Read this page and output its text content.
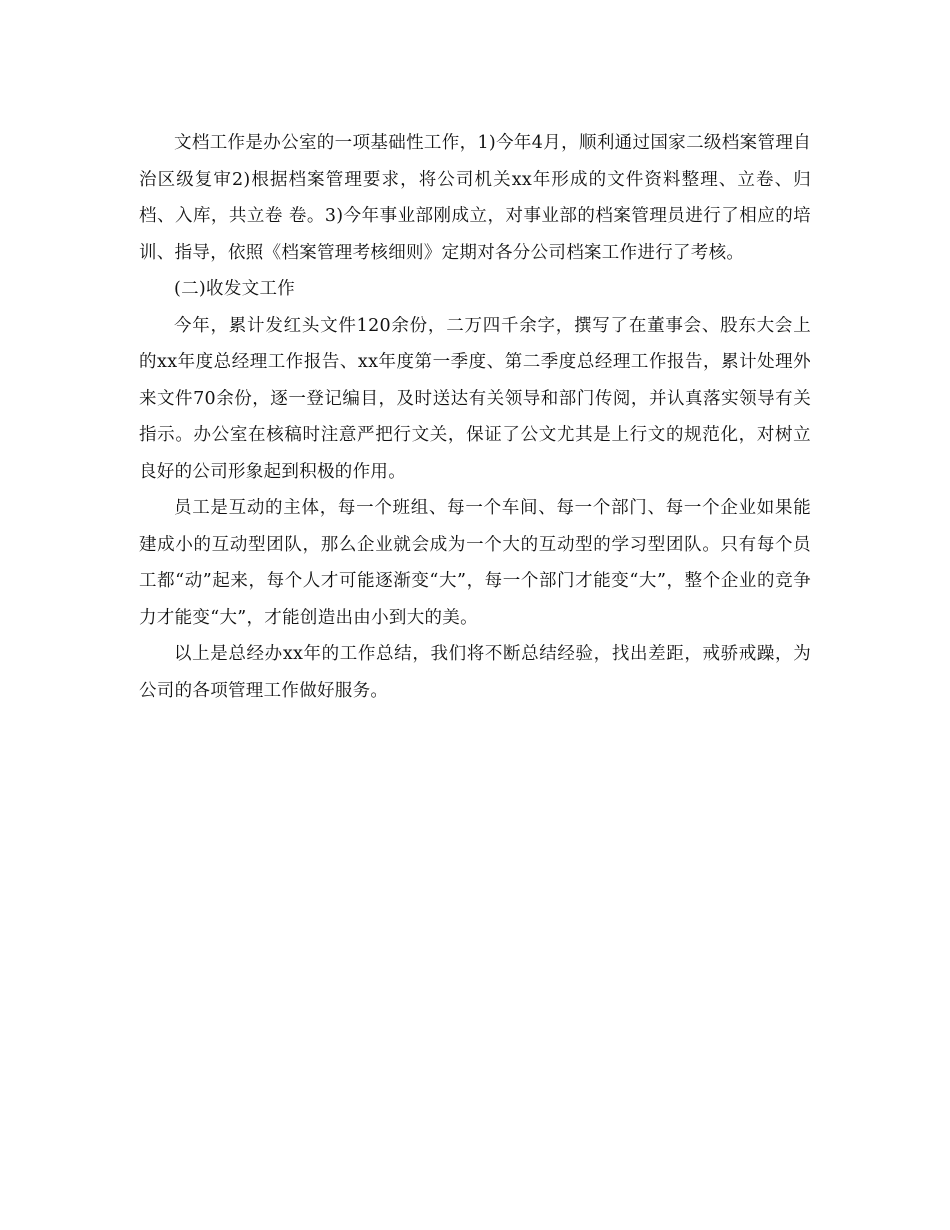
文档工作是办公室的一项基础性工作，1)今年4月，顺利通过国家二级档案管理自治区级复审2)根据档案管理要求，将公司机关xx年形成的文件资料整理、立卷、归档、入库，共立卷 卷。3)今年事业部刚成立，对事业部的档案管理员进行了相应的培训、指导，依照《档案管理考核细则》定期对各分公司档案工作进行了考核。

(二)收发文工作

今年，累计发红头文件120余份，二万四千余字，撰写了在董事会、股东大会上的xx年度总经理工作报告、xx年度第一季度、第二季度总经理工作报告，累计处理外来文件70余份，逐一登记编目，及时送达有关领导和部门传阅，并认真落实领导有关指示。办公室在核稿时注意严把行文关，保证了公文尤其是上行文的规范化，对树立良好的公司形象起到积极的作用。

员工是互动的主体，每一个班组、每一个车间、每一个部门、每一个企业如果能建成小的互动型团队，那么企业就会成为一个大的互动型的学习型团队。只有每个员工都“动”起来，每个人才可能逐渐变“大”，每一个部门才能变“大”，整个企业的竞争力才能变“大”，才能创造出由小到大的美。

以上是总经办xx年的工作总结，我们将不断总结经验，找出差距，戒骄戒躁，为公司的各项管理工作做好服务。
